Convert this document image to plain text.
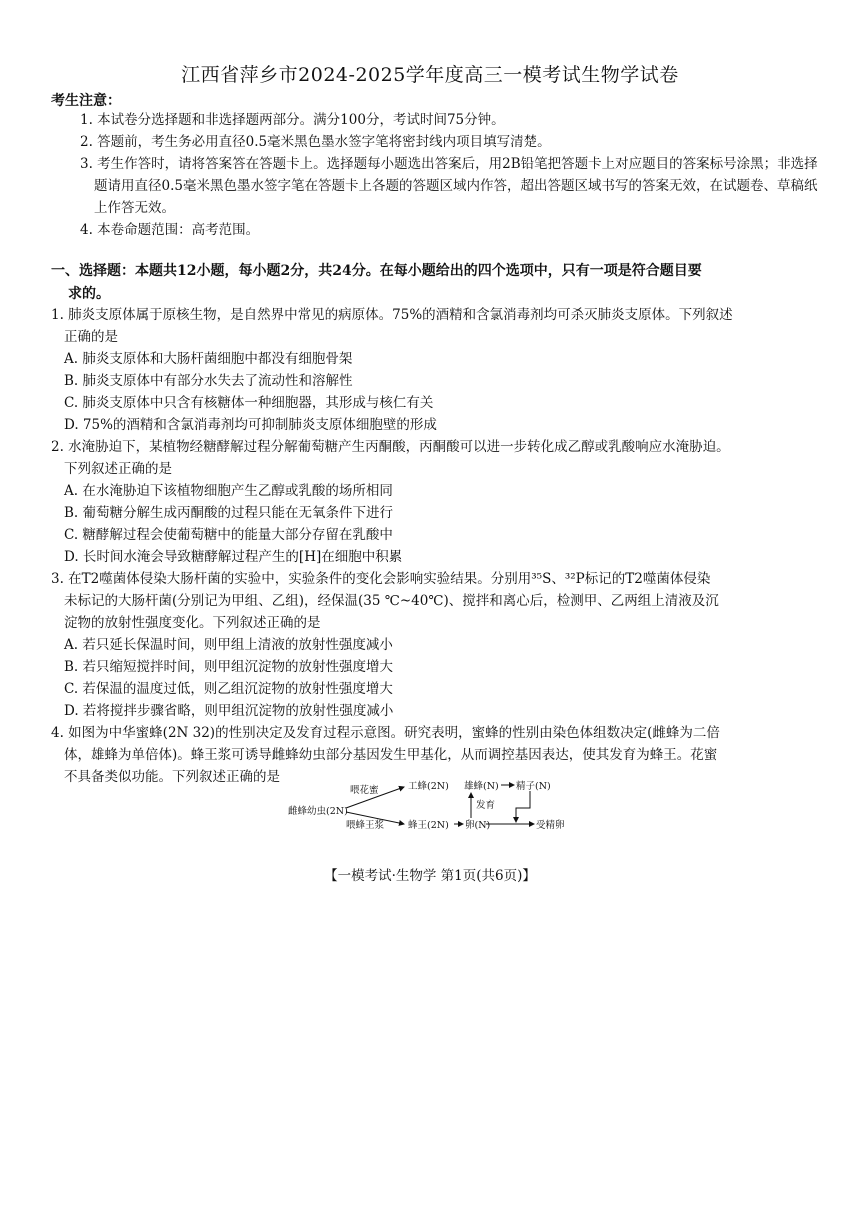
江西省萍乡市2024-2025学年度高三一模考试生物学试卷
考生注意：
1. 本试卷分选择题和非选择题两部分。满分100分，考试时间75分钟。
2. 答题前，考生务必用直径0.5毫米黑色墨水签字笔将密封线内项目填写清楚。
3. 考生作答时，请将答案答在答题卡上。选择题每小题选出答案后，用2B铅笔把答题卡上对应题目的答案标号涂黑；非选择题请用直径0.5毫米黑色墨水签字笔在答题卡上各题的答题区域内作答，超出答题区域书写的答案无效，在试题卷、草稿纸上作答无效。
4. 本卷命题范围：高考范围。
一、选择题：本题共12小题，每小题2分，共24分。在每小题给出的四个选项中，只有一项是符合题目要
求的。
1. 肺炎支原体属于原核生物，是自然界中常见的病原体。75%的酒精和含氯消毒剂均可杀灭肺炎支原体。下列叙述
正确的是
A. 肺炎支原体和大肠杆菌细胞中都没有细胞骨架
B. 肺炎支原体中有部分水失去了流动性和溶解性
C. 肺炎支原体中只含有核糖体一种细胞器，其形成与核仁有关
D. 75%的酒精和含氯消毒剂均可抑制肺炎支原体细胞壁的形成
2. 水淹胁迫下，某植物经糖酵解过程分解葡萄糖产生丙酮酸，丙酮酸可以进一步转化成乙醇或乳酸响应水淹胁迫。
下列叙述正确的是
A. 在水淹胁迫下该植物细胞产生乙醇或乳酸的场所相同
B. 葡萄糖分解生成丙酮酸的过程只能在无氧条件下进行
C. 糖酵解过程会使葡萄糖中的能量大部分存留在乳酸中
D. 长时间水淹会导致糖酵解过程产生的[H]在细胞中积累
3. 在T2噬菌体侵染大肠杆菌的实验中，实验条件的变化会影响实验结果。分别用³⁵S、³²P标记的T2噬菌体侵染
未标记的大肠杆菌(分别记为甲组、乙组)，经保温(35 ℃~40℃)、搅拌和离心后，检测甲、乙两组上清液及沉
淀物的放射性强度变化。下列叙述正确的是
A. 若只延长保温时间，则甲组上清液的放射性强度减小
B. 若只缩短搅拌时间，则甲组沉淀物的放射性强度增大
C. 若保温的温度过低，则乙组沉淀物的放射性强度增大
D. 若将搅拌步骤省略，则甲组沉淀物的放射性强度减小
4. 如图为中华蜜蜂(2N 32)的性别决定及发育过程示意图。研究表明，蜜蜂的性别由染色体组数决定(雌蜂为二倍
体，雄蜂为单倍体)。蜂王浆可诱导雌蜂幼虫部分基因发生甲基化，从而调控基因表达，使其发育为蜂王。花蜜
不具备类似功能。下列叙述正确的是
雌蜂幼虫(2N)
喂花蜜
喂蜂王浆
工蜂(2N)
蜂王(2N) 卵(N)
发育
雄蜂(N) 精子(N)
受精卵
【一模考试·生物学 第1页(共6页)】
